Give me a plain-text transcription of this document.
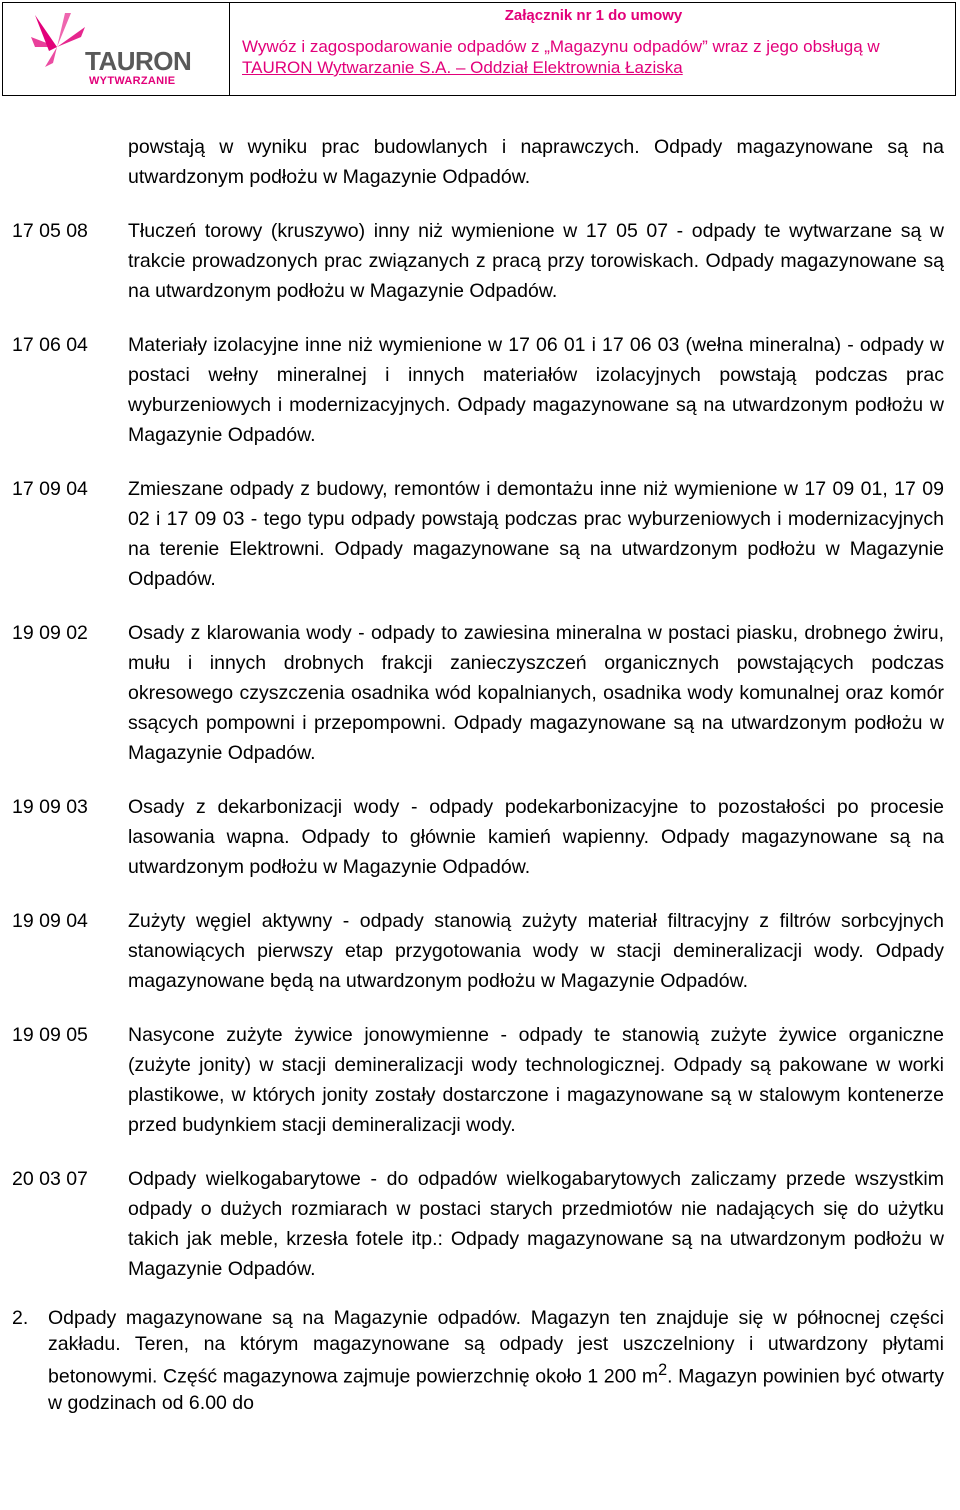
TAURON
WYTWARZANIE
Załącznik nr 1 do umowy
Wywóz i zagospodarowanie odpadów z „Magazynu odpadów” wraz z jego obsługą w
TAURON Wytwarzanie S.A. – Oddział Elektrownia Łaziska
powstają w wyniku prac budowlanych i naprawczych. Odpady magazynowane są na utwardzonym podłożu w Magazynie Odpadów.
17 05 08	Tłuczeń torowy (kruszywo) inny niż wymienione w 17 05 07 - odpady te wytwarzane są w trakcie prowadzonych prac związanych z pracą przy torowiskach. Odpady magazynowane są na utwardzonym podłożu w Magazynie Odpadów.
17 06 04	Materiały izolacyjne inne niż wymienione w 17 06 01 i 17 06 03 (wełna mineralna) - odpady w postaci wełny mineralnej i innych materiałów izolacyjnych powstają podczas prac wyburzeniowych i modernizacyjnych. Odpady magazynowane są na utwardzonym podłożu w Magazynie Odpadów.
17 09 04	Zmieszane odpady z budowy, remontów i demontażu inne niż wymienione w 17 09 01, 17 09 02 i 17 09 03 - tego typu odpady powstają podczas prac wyburzeniowych i modernizacyjnych na terenie Elektrowni. Odpady magazynowane są na utwardzonym podłożu w Magazynie Odpadów.
19 09 02	Osady z klarowania wody - odpady to zawiesina mineralna w postaci piasku, drobnego żwiru, mułu i innych drobnych frakcji zanieczyszczeń organicznych powstających podczas okresowego czyszczenia osadnika wód kopalnianych, osadnika wody komunalnej oraz komór ssących pompowni i przepompowni. Odpady magazynowane są na utwardzonym podłożu w Magazynie Odpadów.
19 09 03	Osady z dekarbonizacji wody - odpady podekarbonizacyjne to pozostałości po procesie lasowania wapna. Odpady to głównie kamień wapienny. Odpady magazynowane są na utwardzonym podłożu w Magazynie Odpadów.
19 09 04	Zużyty węgiel aktywny - odpady stanowią zużyty materiał filtracyjny z filtrów sorbcyjnych stanowiących pierwszy etap przygotowania wody w stacji demineralizacji wody. Odpady magazynowane będą na utwardzonym podłożu w Magazynie Odpadów.
19 09 05	Nasycone zużyte żywice jonowymienne - odpady te stanowią zużyte żywice organiczne (zużyte jonity) w stacji demineralizacji wody technologicznej. Odpady są pakowane w worki plastikowe, w których jonity zostały dostarczone i magazynowane są w stalowym kontenerze przed budynkiem stacji demineralizacji wody.
20 03 07	Odpady wielkogabarytowe - do odpadów wielkogabarytowych zaliczamy przede wszystkim odpady o dużych rozmiarach w postaci starych przedmiotów nie nadających się do użytku takich jak meble, krzesła fotele itp.: Odpady magazynowane są na utwardzonym podłożu w Magazynie Odpadów.
2.	Odpady magazynowane są na Magazynie odpadów. Magazyn ten znajduje się w północnej części zakładu. Teren, na którym magazynowane są odpady jest uszczelniony i utwardzony płytami betonowymi. Część magazynowa zajmuje powierzchnię około 1 200 $m^2$. Magazyn powinien być otwarty w godzinach od 6.00 do
